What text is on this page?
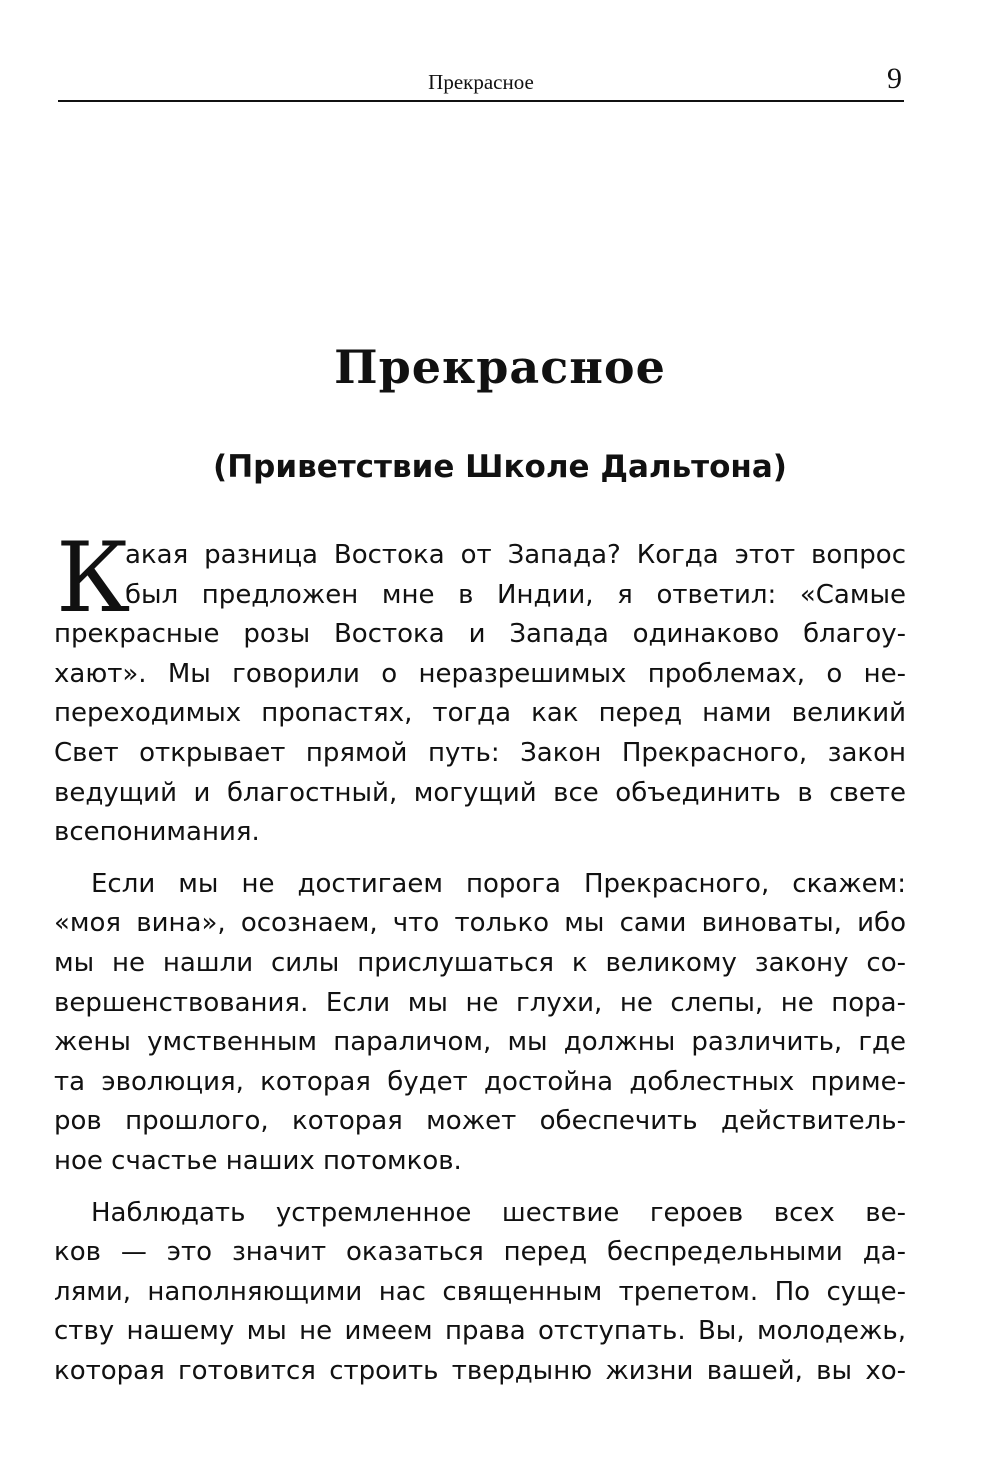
Прекрасное	9
Прекрасное
(Приветствие Школе Дальтона)
К
акая разница Востока от Запада? Когда этот вопрос
был предложен мне в Индии, я ответил: «Самые
прекрасные розы Востока и Запада одинаково благоу-
хают». Мы говорили о неразрешимых проблемах, о не-
переходимых пропастях, тогда как перед нами великий
Свет открывает прямой путь: Закон Прекрасного, закон
ведущий и благостный, могущий все объединить в свете
всепонимания.
Если мы не достигаем порога Прекрасного, скажем:
«моя вина», осознаем, что только мы сами виноваты, ибо
мы не нашли силы прислушаться к великому закону со-
вершенствования. Если мы не глухи, не слепы, не пора-
жены умственным параличом, мы должны различить, где
та эволюция, которая будет достойна доблестных приме-
ров прошлого, которая может обеспечить действитель-
ное счастье наших потомков.
Наблюдать устремленное шествие героев всех ве-
ков — это значит оказаться перед беспредельными да-
лями, наполняющими нас священным трепетом. По суще-
ству нашему мы не имеем права отступать. Вы, молодежь,
которая готовится строить твердыню жизни вашей, вы хо-
